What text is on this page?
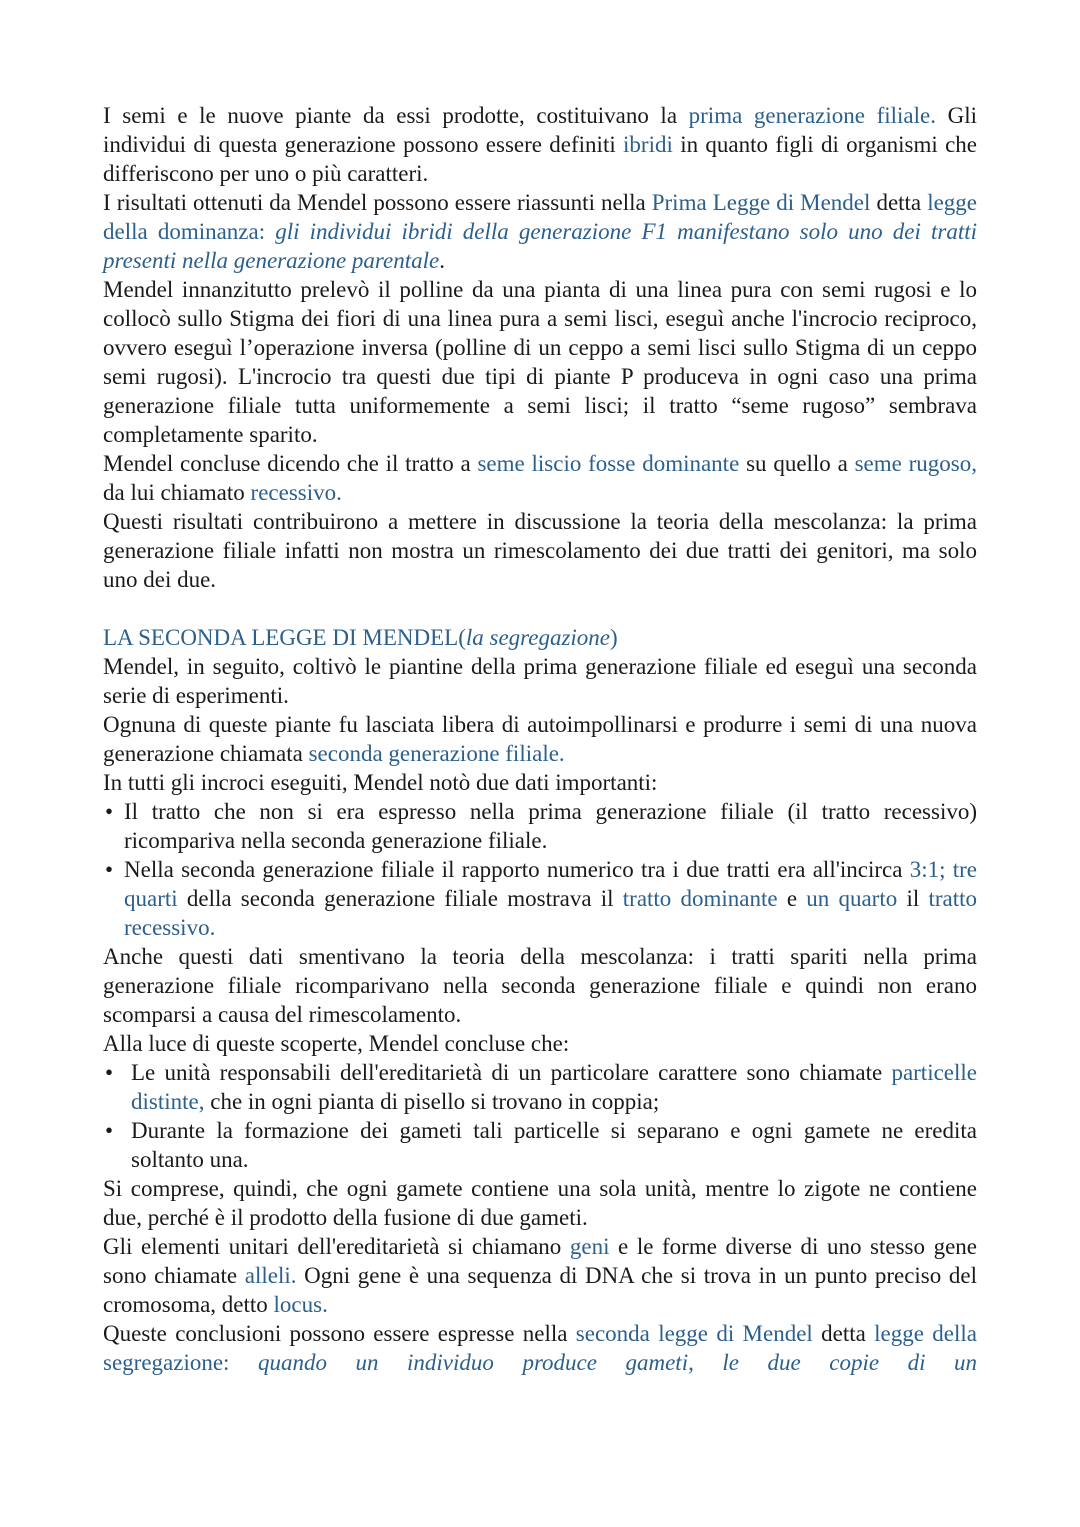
I semi e le nuove piante da essi prodotte, costituivano la prima generazione filiale. Gli individui di questa generazione possono essere definiti ibridi in quanto figli di organismi che differiscono per uno o più caratteri.

I risultati ottenuti da Mendel possono essere riassunti nella Prima Legge di Mendel detta legge della dominanza: gli individui ibridi della generazione F1 manifestano solo uno dei tratti presenti nella generazione parentale.

Mendel innanzitutto prelevò il polline da una pianta di una linea pura con semi rugosi e lo collocò sullo Stigma dei fiori di una linea pura a semi lisci, eseguì anche l'incrocio reciproco, ovvero eseguì l’operazione inversa (polline di un ceppo a semi lisci sullo Stigma di un ceppo semi rugosi). L'incrocio tra questi due tipi di piante P produceva in ogni caso una prima generazione filiale tutta uniformemente a semi lisci; il tratto “seme rugoso” sembrava completamente sparito.

Mendel concluse dicendo che il tratto a seme liscio fosse dominante su quello a seme rugoso, da lui chiamato recessivo.

Questi risultati contribuirono a mettere in discussione la teoria della mescolanza: la prima generazione filiale infatti non mostra un rimescolamento dei due tratti dei genitori, ma solo uno dei due.

LA SECONDA LEGGE DI MENDEL(la segregazione)

Mendel, in seguito, coltivò le piantine della prima generazione filiale ed eseguì una seconda serie di esperimenti.

Ognuna di queste piante fu lasciata libera di autoimpollinarsi e produrre i semi di una nuova generazione chiamata seconda generazione filiale.

In tutti gli incroci eseguiti, Mendel notò due dati importanti:

• Il tratto che non si era espresso nella prima generazione filiale (il tratto recessivo) ricompariva nella seconda generazione filiale.
• Nella seconda generazione filiale il rapporto numerico tra i due tratti era all'incirca 3:1; tre quarti della seconda generazione filiale mostrava il tratto dominante e un quarto il tratto recessivo.

Anche questi dati smentivano la teoria della mescolanza: i tratti spariti nella prima generazione filiale ricomparivano nella seconda generazione filiale e quindi non erano scomparsi a causa del rimescolamento.

Alla luce di queste scoperte, Mendel concluse che:

• Le unità responsabili dell'ereditarietà di un particolare carattere sono chiamate particelle distinte, che in ogni pianta di pisello si trovano in coppia;
• Durante la formazione dei gameti tali particelle si separano e ogni gamete ne eredita soltanto una.

Si comprese, quindi, che ogni gamete contiene una sola unità, mentre lo zigote ne contiene due, perché è il prodotto della fusione di due gameti.

Gli elementi unitari dell'ereditarietà si chiamano geni e le forme diverse di uno stesso gene sono chiamate alleli. Ogni gene è una sequenza di DNA che si trova in un punto preciso del cromosoma, detto locus.

Queste conclusioni possono essere espresse nella seconda legge di Mendel detta legge della segregazione: quando un individuo produce gameti, le due copie di un
